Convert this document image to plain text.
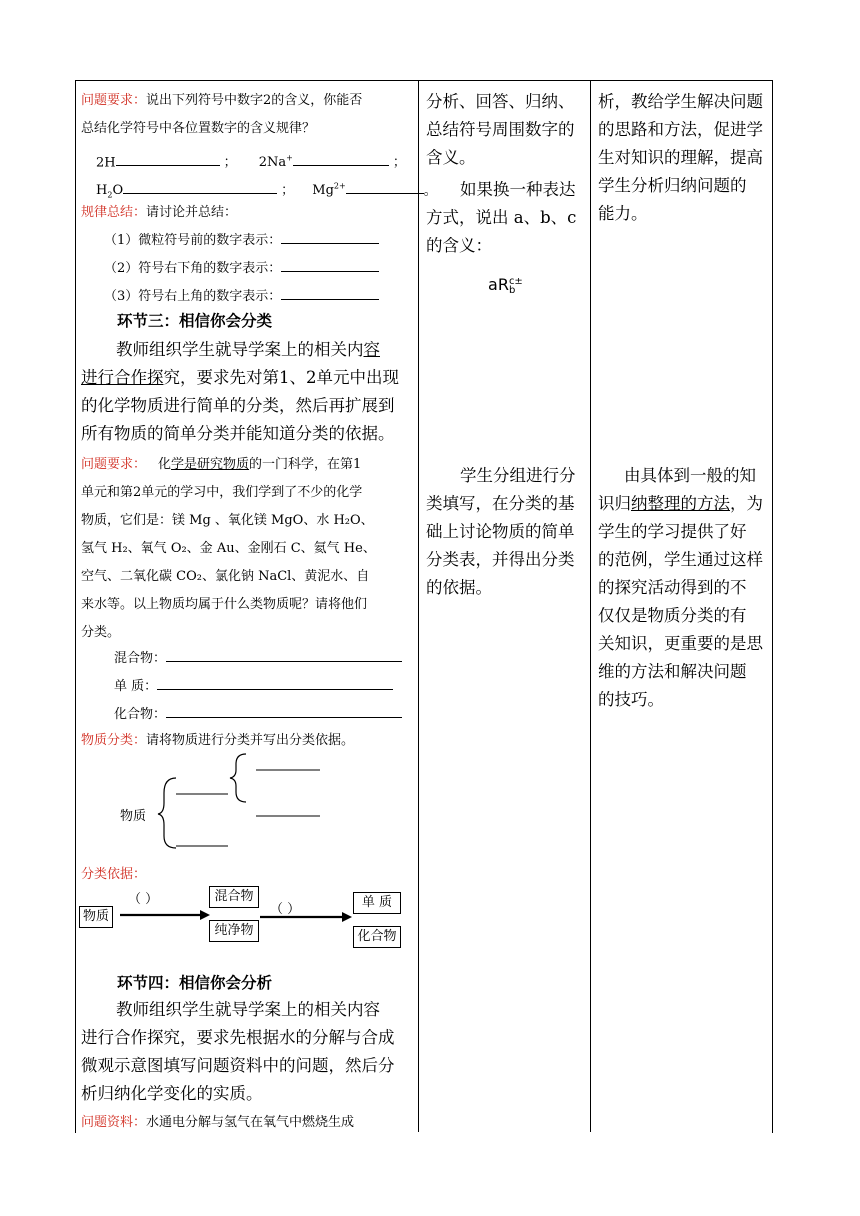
问题要求：说出下列符号中数字2的含义，你能否
总结化学符号中各位置数字的含义规律？
2H	； 2Na+	；
$H_2O$	； $Mg^{2+}$	。
规律总结：请讨论并总结：
（1）微粒符号前的数字表示：
（2）符号右下角的数字表示：
（3）符号右上角的数字表示：
环节三：相信你会分类
教师组织学生就导学案上的相关内容
进行合作探究，要求先对第1、2单元中出现
的化学物质进行简单的分类，然后再扩展到
所有物质的简单分类并能知道分类的依据。
问题要求： 化学是研究物质的一门科学，在第1
单元和第2单元的学习中，我们学到了不少的化学
物质，它们是：镁 Mg 、氧化镁 MgO、水 H₂O、
氢气 H₂、氧气 O₂、金 Au、金刚石 C、氦气 He、
空气、二氧化碳 CO₂、氯化钠 NaCl、黄泥水、自
来水等。以上物质均属于什么类物质呢？请将他们
分类。
混合物：
单 质：
化合物：
物质分类：请将物质进行分类并写出分类依据。
物质
分类依据：
物质
（ ）	混合物
纯净物
（ ）	单 质
化合物
环节四：相信你会分析
教师组织学生就导学案上的相关内容
进行合作探究，要求先根据水的分解与合成
微观示意图填写问题资料中的问题，然后分
析归纳化学变化的实质。
问题资料：水通电分解与氢气在氧气中燃烧生成
分析、回答、归纳、
总结符号周围数字的
含义。
如果换一种表达
方式，说出 a、b、c
的含义：
aR c±
b
学生分组进行分
类填写，在分类的基
础上讨论物质的简单
分类表，并得出分类
的依据。
析，教给学生解决问题
的思路和方法，促进学
生对知识的理解，提高
学生分析归纳问题的
能力。
由具体到一般的知
识归纳整理的方法，为
学生的学习提供了好
的范例，学生通过这样
的探究活动得到的不
仅仅是物质分类的有
关知识，更重要的是思
维的方法和解决问题
的技巧。
